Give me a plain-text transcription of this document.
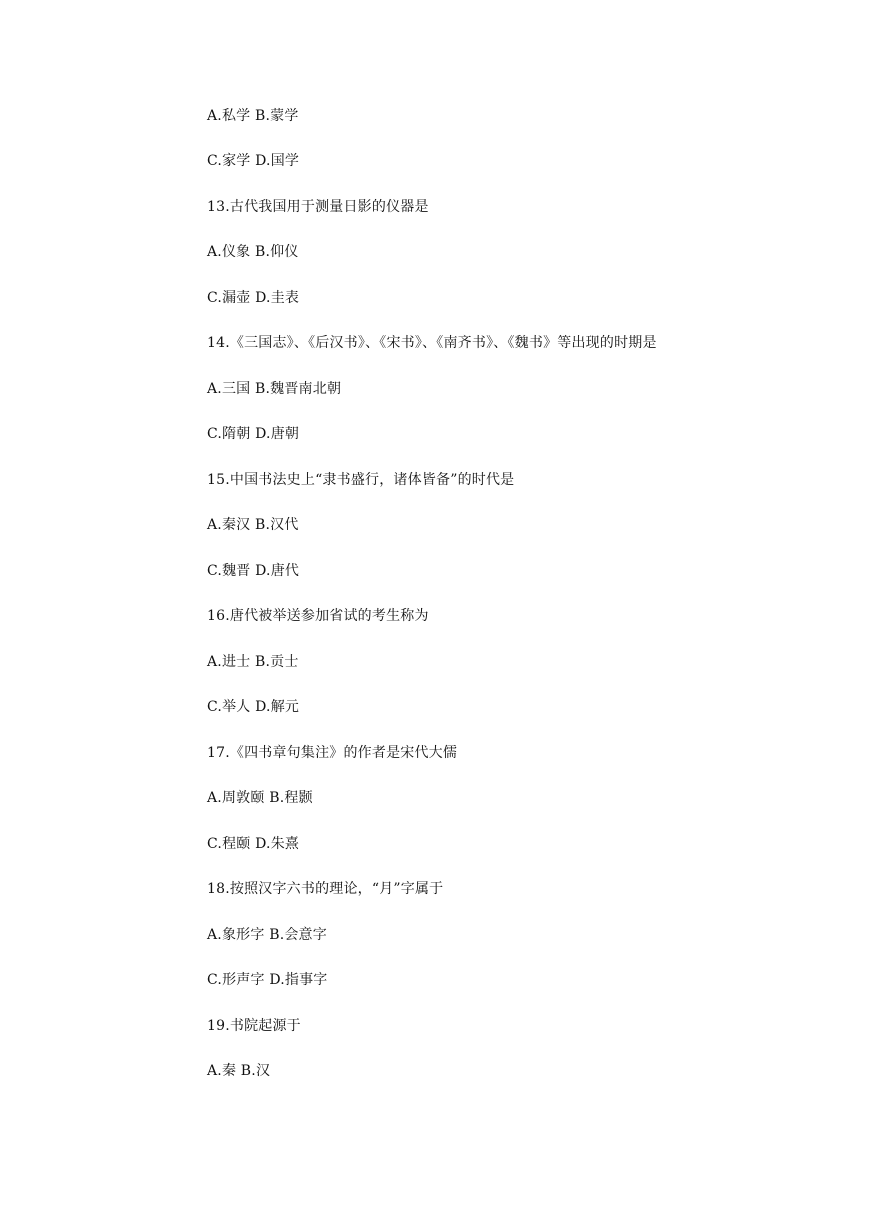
A.私学 B.蒙学
C.家学 D.国学
13.古代我国用于测量日影的仪器是
A.仪象 B.仰仪
C.漏壶 D.圭表
14.《三国志》、《后汉书》、《宋书》、《南齐书》、《魏书》等出现的时期是
A.三国 B.魏晋南北朝
C.隋朝 D.唐朝
15.中国书法史上“隶书盛行，诸体皆备”的时代是
A.秦汉 B.汉代
C.魏晋 D.唐代
16.唐代被举送参加省试的考生称为
A.进士 B.贡士
C.举人 D.解元
17.《四书章句集注》的作者是宋代大儒
A.周敦颐 B.程颢
C.程颐 D.朱熹
18.按照汉字六书的理论，“月”字属于
A.象形字 B.会意字
C.形声字 D.指事字
19.书院起源于
A.秦 B.汉
